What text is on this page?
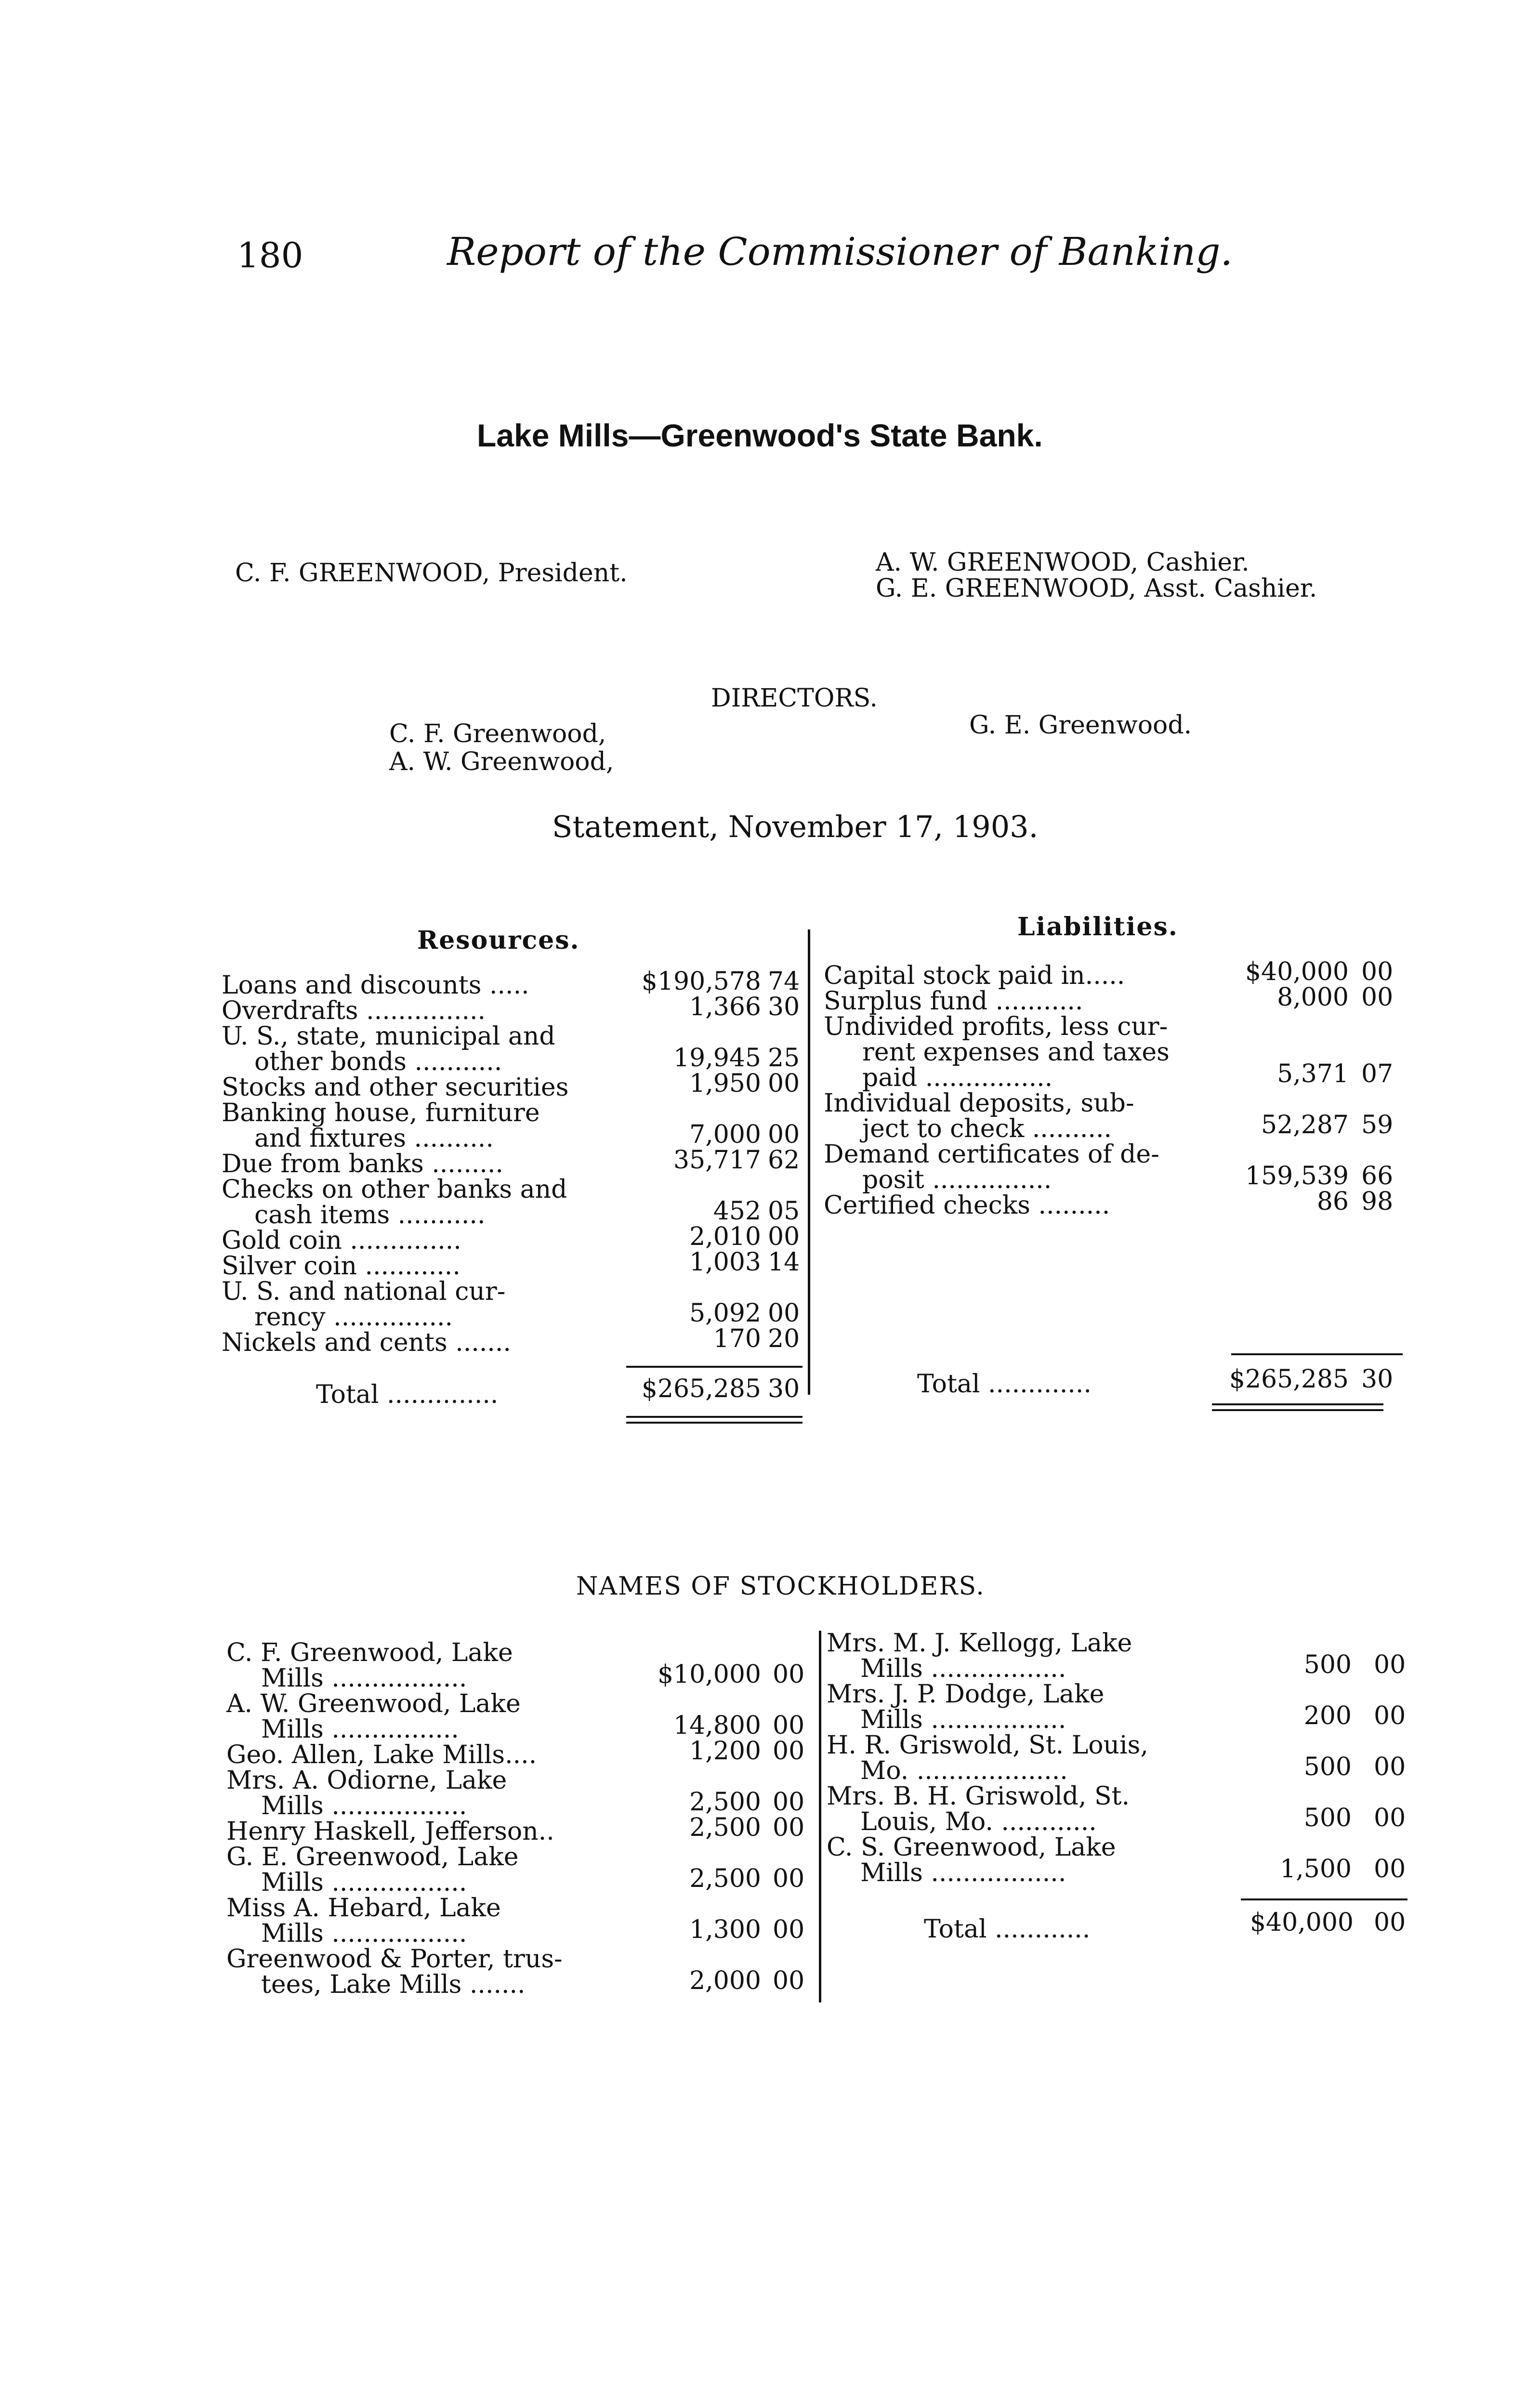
180	Report of the Commissioner of Banking.
Lake Mills—Greenwood's State Bank.
C. F. GREENWOOD, President.	A. W. GREENWOOD, Cashier.
G. E. GREENWOOD, Asst. Cashier.
DIRECTORS.
C. F. Greenwood,
A. W. Greenwood,
G. E. Greenwood.
Statement, November 17, 1903.
Resources.	Liabilities.
Loans and discounts .....	$190,578 74
Overdrafts ...............	1,366 30
U. S., state, municipal and
other bonds ...........	19,945 25
Stocks and other securities	1,950 00
Banking house, furniture
and fixtures ..........	7,000 00
Due from banks .........	35,717 62
Checks on other banks and
cash items ...........	452 05
Gold coin ..............	2,010 00
Silver coin ............	1,003 14
U. S. and national cur-
rency ...............	5,092 00
Nickels and cents .......	170 20
Capital stock paid in.....	$40,000 00
Surplus fund ...........	8,000 00
Undivided profits, less cur-
rent expenses and taxes
paid ................	5,371 07
Individual deposits, sub-
ject to check ..........	52,287 59
Demand certificates of de-
posit ...............	159,539 66
Certified checks .........	86 98
Total ..............	$265,285 30	Total .............	$265,285 30
NAMES OF STOCKHOLDERS.
C. F. Greenwood, Lake
Mills .................	$10,000 00
A. W. Greenwood, Lake
Mills ................	14,800 00
Geo. Allen, Lake Mills....	1,200 00
Mrs. A. Odiorne, Lake
Mills .................	2,500 00
Henry Haskell, Jefferson..	2,500 00
G. E. Greenwood, Lake
Mills .................	2,500 00
Miss A. Hebard, Lake
Mills .................	1,300 00
Greenwood & Porter, trus-
tees, Lake Mills .......	2,000 00
Mrs. M. J. Kellogg, Lake
Mills .................	500 00
Mrs. J. P. Dodge, Lake
Mills .................	200 00
H. R. Griswold, St. Louis,
Mo. ...................	500 00
Mrs. B. H. Griswold, St.
Louis, Mo. ............	500 00
C. S. Greenwood, Lake
Mills .................	1,500 00
Total ............	$40,000 00
